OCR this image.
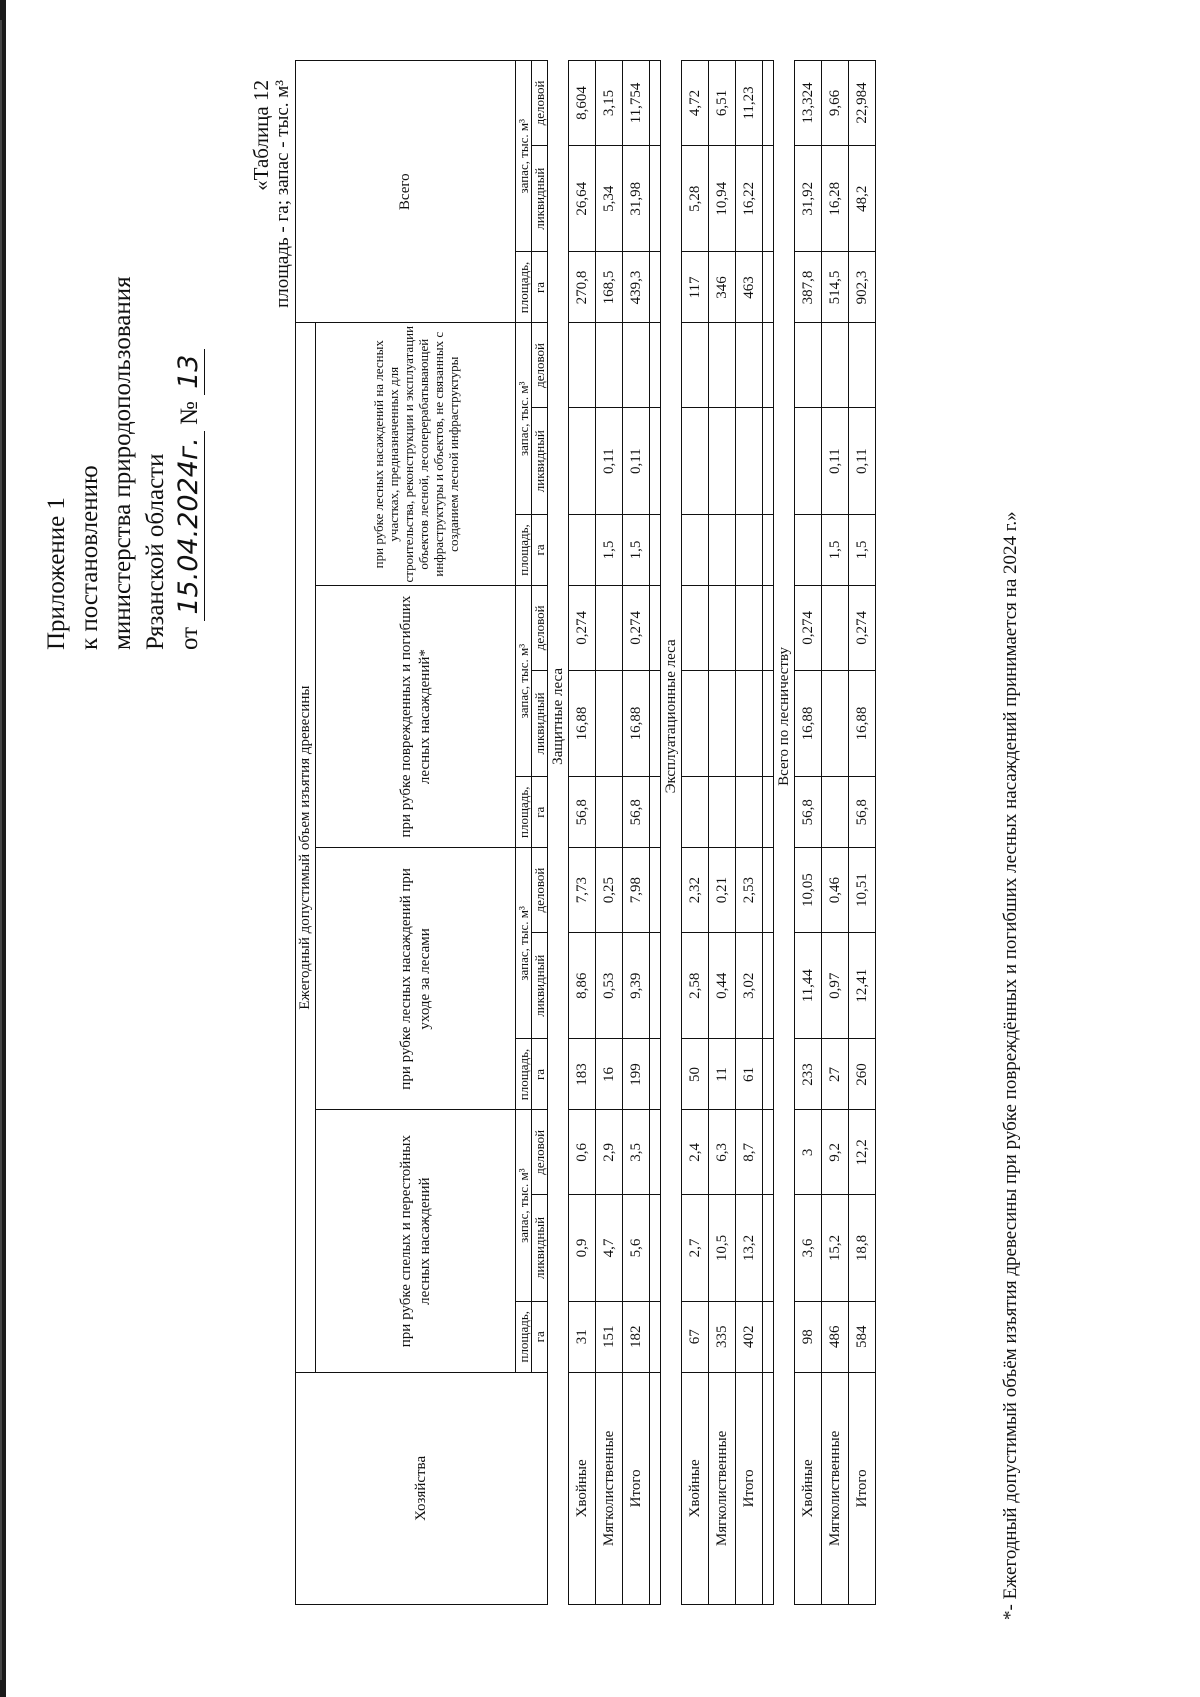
Приложение 1 к постановлению министерства природопользования Рязанской области от 15.04.2024г. № 13
«Таблица 12 площадь - га; запас - тыс. м³
Хозяйства	Ежегодный допустимый объем изъятия древесины												Всего		
	при рубке спелых и перестойных лесных насаждений			при рубке лесных насаждений при уходе за лесами			при рубке поврежденных и погибших лесных насаждений*			при рубке лесных насаждений на лесных участках, предназначенных для строительства, реконструкции и эксплуатации объектов лесной, лесоперерабатывающей инфраструктуры и объектов, не связанных с созданием лесной инфраструктуры					
	площадь,	запас, тыс. м³		площадь,	запас, тыс. м³		площадь,	запас, тыс. м³		площадь,	запас, тыс. м³		площадь,	запас, тыс. м³	
	га	ликвидный	деловой	га	ликвидный	деловой	га	ликвидный	деловой	га	ликвидный	деловой	га	ликвидный	деловой
	Защитные леса														
Хвойные	31	0,9	0,6	183	8,86	7,73	56,8	16,88	0,274				270,8	26,64	8,604
Мягколиственные	151	4,7	2,9	16	0,53	0,25				1,5	0,11		168,5	5,34	3,15
Итого	182	5,6	3,5	199	9,39	7,98	56,8	16,88	0,274	1,5	0,11		439,3	31,98	11,754

	Эксплуатационные леса														
Хвойные	67	2,7	2,4	50	2,58	2,32							117	5,28	4,72
Мягколиственные	335	10,5	6,3	11	0,44	0,21							346	10,94	6,51
Итого	402	13,2	8,7	61	3,02	2,53							463	16,22	11,23

	Всего по лесничеству														
Хвойные	98	3,6	3	233	11,44	10,05	56,8	16,88	0,274				387,8	31,92	13,324
Мягколиственные	486	15,2	9,2	27	0,97	0,46				1,5	0,11		514,5	16,28	9,66
Итого	584	18,8	12,2	260	12,41	10,51	56,8	16,88	0,274	1,5	0,11		902,3	48,2	22,984
*- Ежегодный допустимый объём изъятия древесины при рубке повреждённых и погибших лесных насаждений принимается на 2024 г.»
